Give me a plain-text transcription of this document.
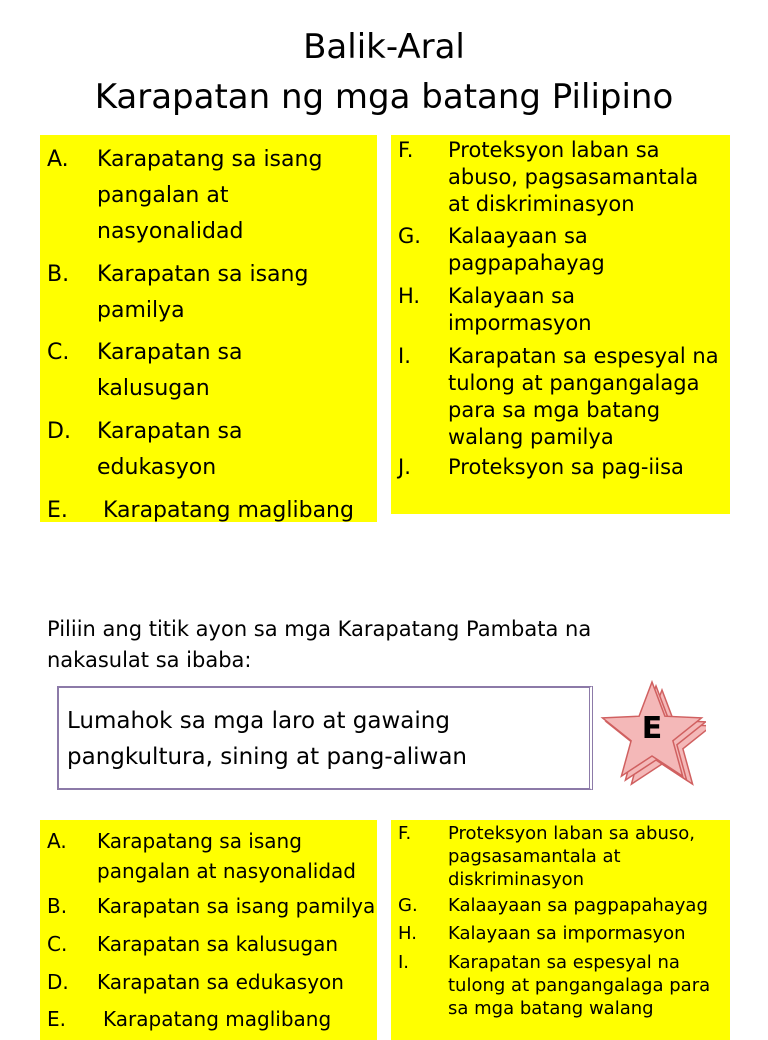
Balik-Aral
Karapatan ng mga batang Pilipino
A. Karapatang sa isang
pangalan at
nasyonalidad
B. Karapatan sa isang
pamilya
C. Karapatan sa
kalusugan
D. Karapatan sa
edukasyon
E. Karapatang maglibang
F. Proteksyon laban sa
abuso, pagsasamantala
at diskriminasyon
G. Kalaayaan sa
pagpapahayag
H. Kalayaan sa
impormasyon
I. Karapatan sa espesyal na
tulong at pangangalaga
para sa mga batang
walang pamilya
J. Proteksyon sa pag-iisa
Piliin ang titik ayon sa mga Karapatang Pambata na
nakasulat sa ibaba:
Lumahok sa mga laro at gawaing
pangkultura, sining at pang-aliwan
E
A. Karapatang sa isang
pangalan at nasyonalidad
B. Karapatan sa isang pamilya
C. Karapatan sa kalusugan
D. Karapatan sa edukasyon
E. Karapatang maglibang
F. Proteksyon laban sa abuso,
pagsasamantala at
diskriminasyon
G. Kalaayaan sa pagpapahayag
H. Kalayaan sa impormasyon
I. Karapatan sa espesyal na
tulong at pangangalaga para
sa mga batang walang
